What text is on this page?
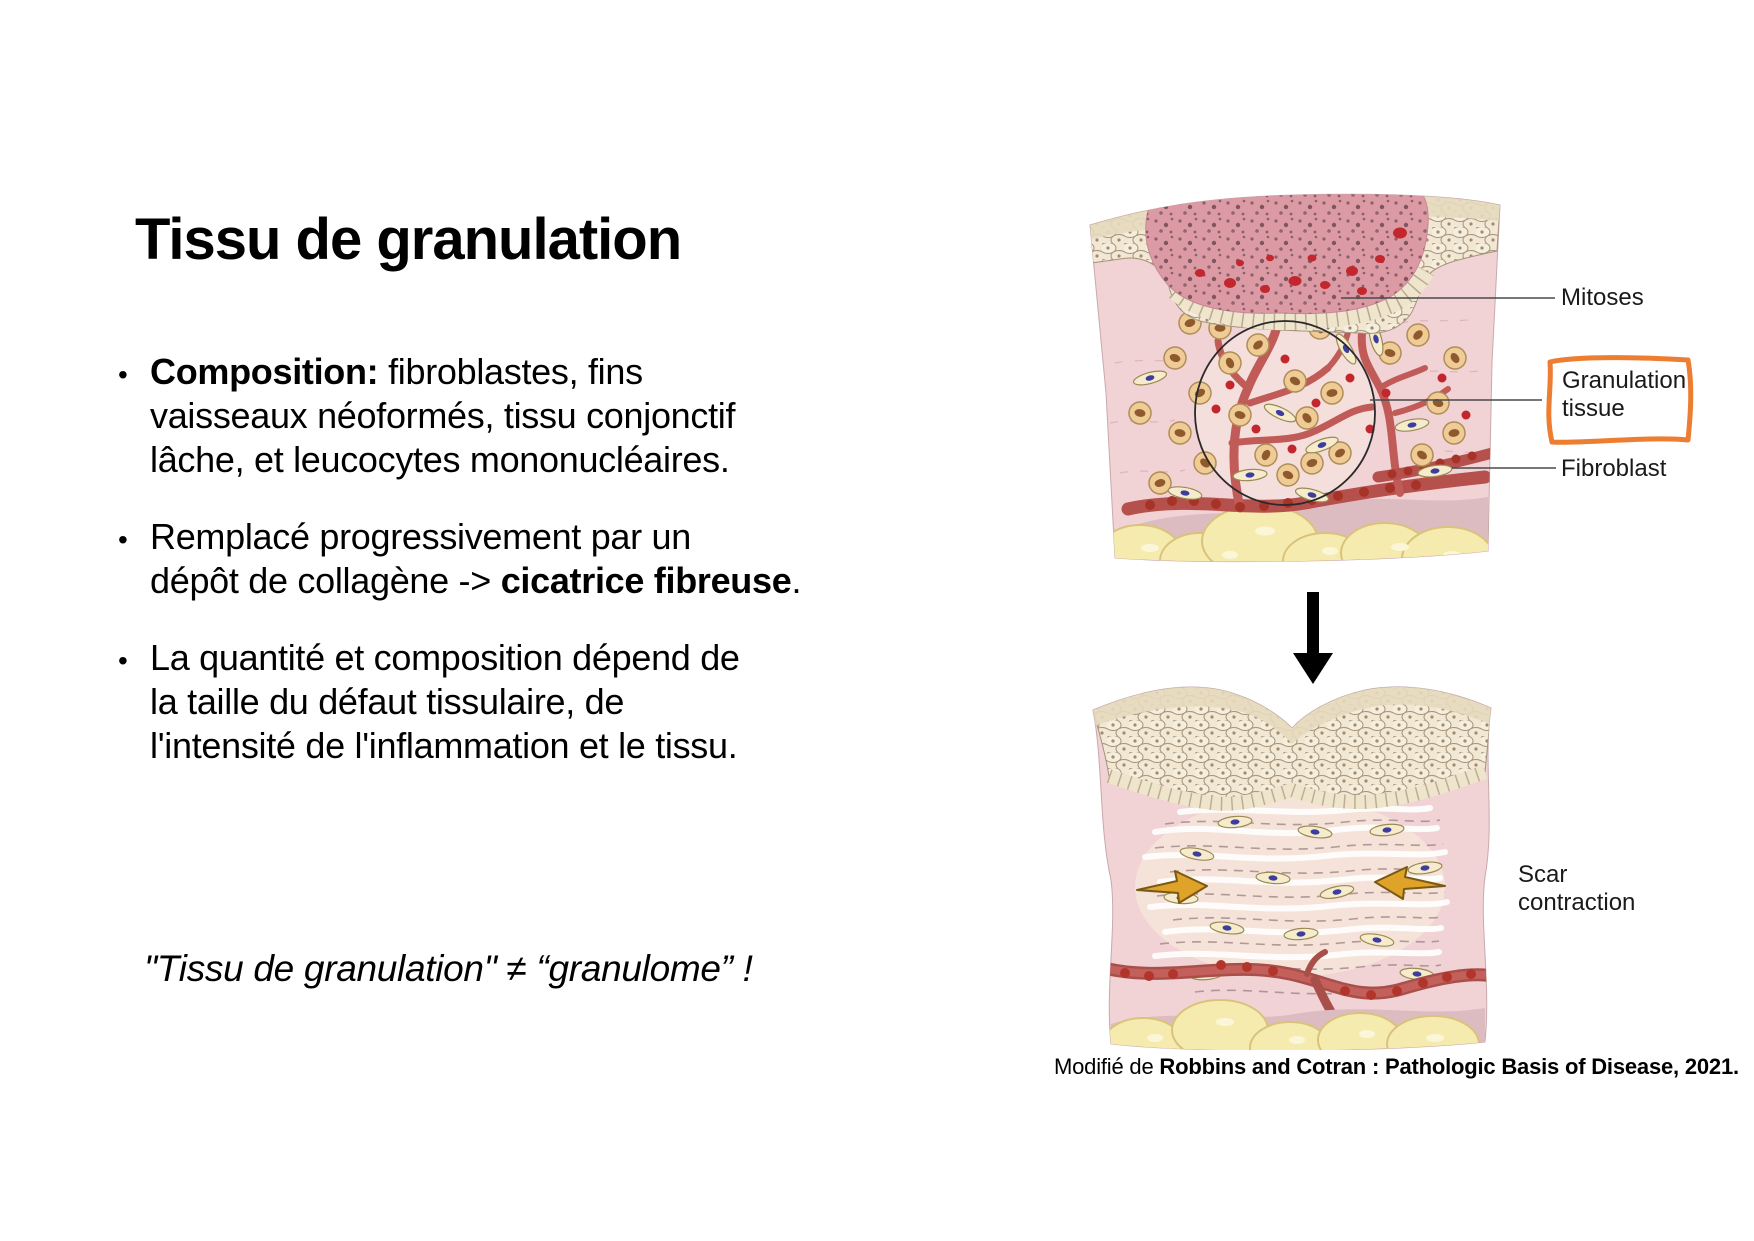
Tissu de granulation
•
Composition: fibroblastes, fins
vaisseaux néoformés, tissu conjonctif
lâche, et leucocytes mononucléaires.
•
Remplacé progressivement par un
dépôt de collagène -> cicatrice fibreuse.
•
La quantité et composition dépend de
la taille du défaut tissulaire, de
l'intensité de l'inflammation et le tissu.
"Tissu de granulation" ≠ “granulome” !
Mitoses
Granulation
tissue
Fibroblast
Scar
contraction
Modifié de Robbins and Cotran : Pathologic Basis of Disease, 2021.
